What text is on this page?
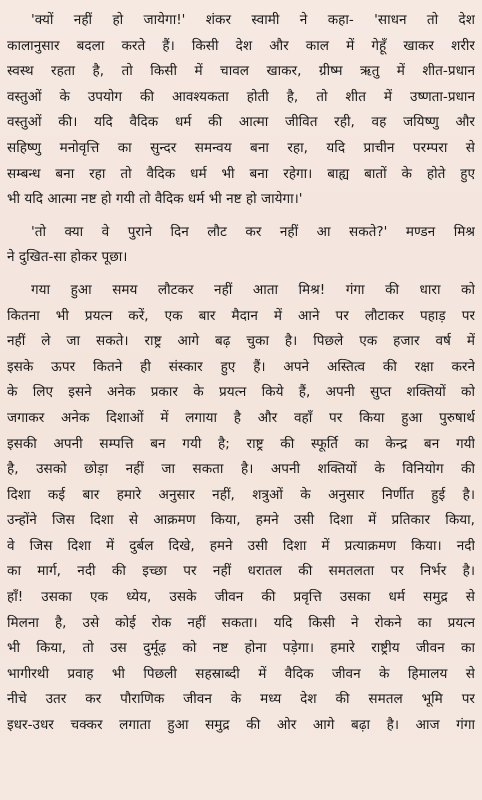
'क्यों नहीं हो जायेगा!' शंकर स्वामी ने कहा- 'साधन तो देश
कालानुसार बदला करते हैं। किसी देश और काल में गेहूँ खाकर शरीर
स्वस्थ रहता है, तो किसी में चावल खाकर, ग्रीष्म ऋतु में शीत-प्रधान
वस्तुओं के उपयोग की आवश्यकता होती है, तो शीत में उष्णता-प्रधान
वस्तुओं की। यदि वैदिक धर्म की आत्मा जीवित रही, वह जयिष्णु और
सहिष्णु मनोवृत्ति का सुन्दर समन्वय बना रहा, यदि प्राचीन परम्परा से
सम्बन्ध बना रहा तो वैदिक धर्म भी बना रहेगा। बाह्य बातों के होते हुए
भी यदि आत्मा नष्ट हो गयी तो वैदिक धर्म भी नष्ट हो जायेगा।'
'तो क्या वे पुराने दिन लौट कर नहीं आ सकते?' मण्डन मिश्र
ने दुखित-सा होकर पूछा।
गया हुआ समय लौटकर नहीं आता मिश्र! गंगा की धारा को
कितना भी प्रयत्न करें, एक बार मैदान में आने पर लौटाकर पहाड़ पर
नहीं ले जा सकते। राष्ट्र आगे बढ़ चुका है। पिछले एक हजार वर्ष में
इसके ऊपर कितने ही संस्कार हुए हैं। अपने अस्तित्व की रक्षा करने
के लिए इसने अनेक प्रकार के प्रयत्न किये हैं, अपनी सुप्त शक्तियों को
जगाकर अनेक दिशाओं में लगाया है और वहाँ पर किया हुआ पुरुषार्थ
इसकी अपनी सम्पत्ति बन गयी है; राष्ट्र की स्फूर्ति का केन्द्र बन गयी
है, उसको छोड़ा नहीं जा सकता है। अपनी शक्तियों के विनियोग की
दिशा कई बार हमारे अनुसार नहीं, शत्रुओं के अनुसार निर्णीत हुई है।
उन्होंने जिस दिशा से आक्रमण किया, हमने उसी दिशा में प्रतिकार किया,
वे जिस दिशा में दुर्बल दिखे, हमने उसी दिशा में प्रत्याक्रमण किया। नदी
का मार्ग, नदी की इच्छा पर नहीं धरातल की समतलता पर निर्भर है।
हाँ! उसका एक ध्येय, उसके जीवन की प्रवृत्ति उसका धर्म समुद्र से
मिलना है, उसे कोई रोक नहीं सकता। यदि किसी ने रोकने का प्रयत्न
भी किया, तो उस दुर्मूढ़ को नष्ट होना पड़ेगा। हमारे राष्ट्रीय जीवन का
भागीरथी प्रवाह भी पिछली सहस्राब्दी में वैदिक जीवन के हिमालय से
नीचे उतर कर पौराणिक जीवन के मध्य देश की समतल भूमि पर
इधर-उधर चक्कर लगाता हुआ समुद्र की ओर आगे बढ़ा है। आज गंगा
